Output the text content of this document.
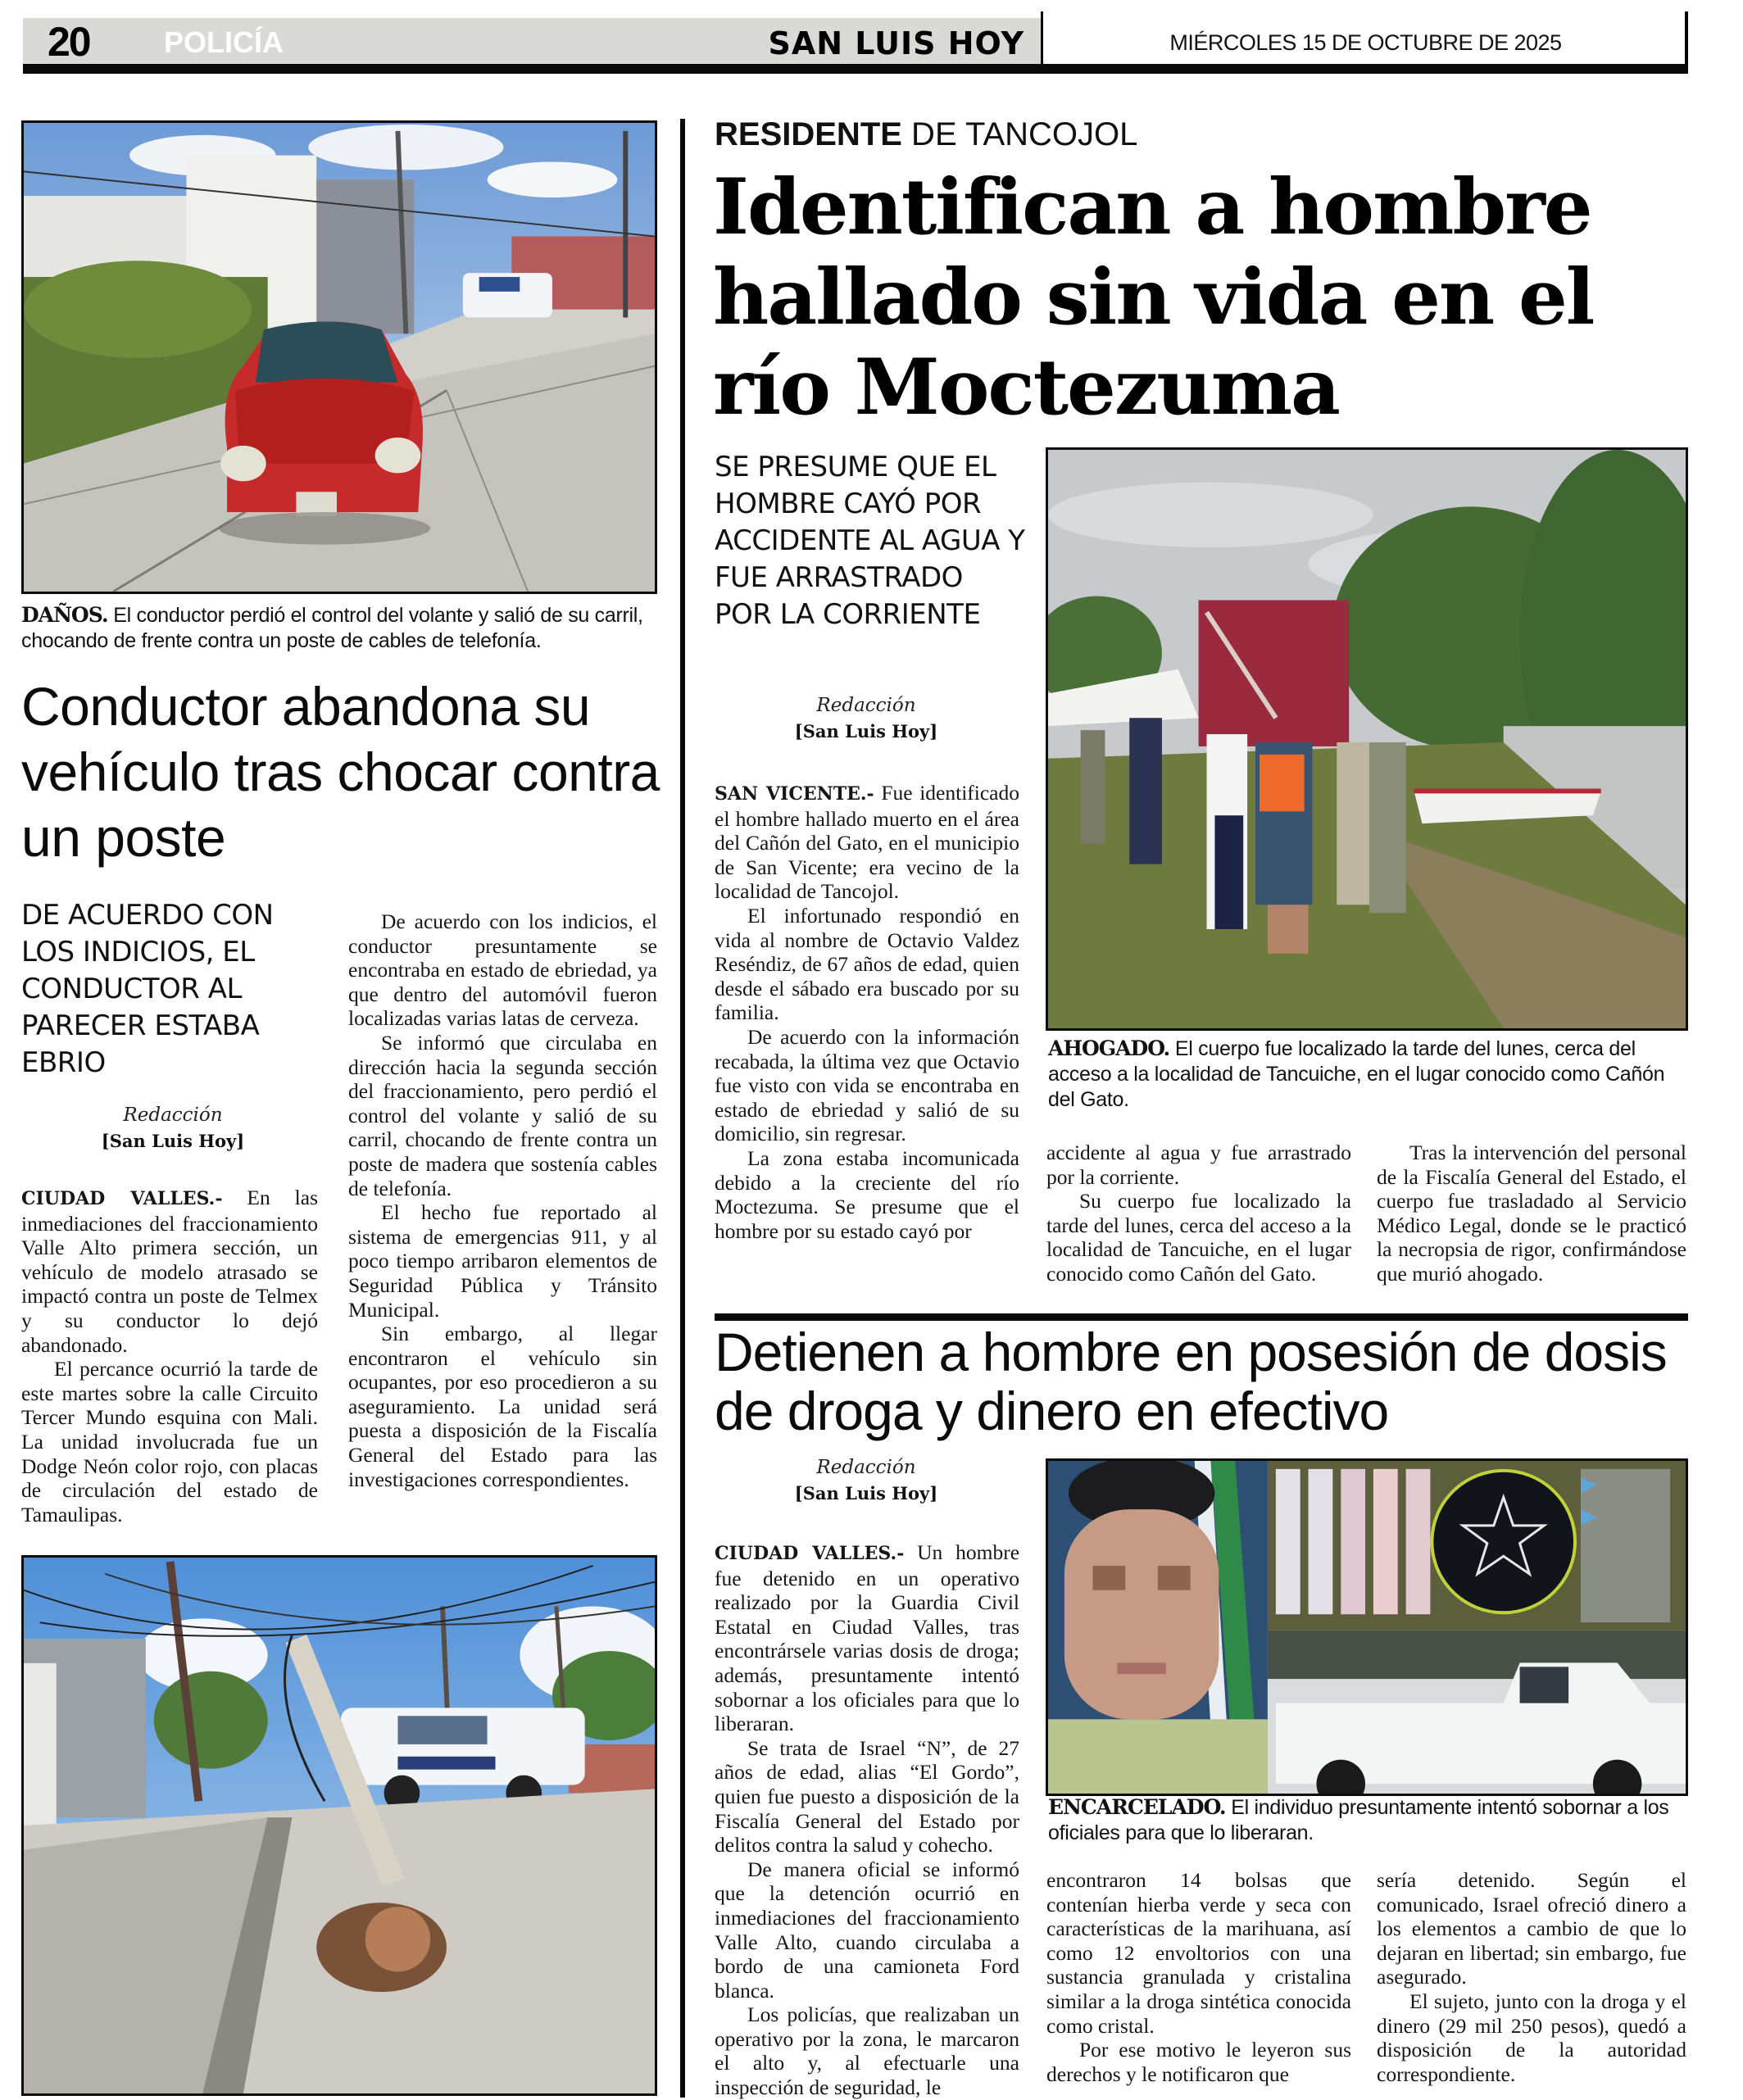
20	POLICÍA	SAN LUIS HOY	MIÉRCOLES 15 DE OCTUBRE DE 2025
DAÑOS. El conductor perdió el control del volante y salió de su carril, chocando de frente contra un poste de cables de telefonía.
Conductor abandona su vehículo tras chocar contra un poste
DE ACUERDO CON LOS INDICIOS, EL CONDUCTOR AL PARECER ESTABA EBRIO
Redacción
[San Luis Hoy]

CIUDAD VALLES.- En las inmediaciones del fraccionamiento Valle Alto primera sección, un vehículo de modelo atrasado se impactó contra un poste de Telmex y su conductor lo dejó abandonado.

El percance ocurrió la tarde de este martes sobre la calle Circuito Tercer Mundo esquina con Mali. La unidad involucrada fue un Dodge Neón color rojo, con placas de circulación del estado de Tamaulipas.

De acuerdo con los indicios, el conductor presuntamente se encontraba en estado de ebriedad, ya que dentro del automóvil fueron localizadas varias latas de cerveza.

Se informó que circulaba en dirección hacia la segunda sección del fraccionamiento, pero perdió el control del volante y salió de su carril, chocando de frente contra un poste de madera que sostenía cables de telefonía.

El hecho fue reportado al sistema de emergencias 911, y al poco tiempo arribaron elementos de Seguridad Pública y Tránsito Municipal.

Sin embargo, al llegar encontraron el vehículo sin ocupantes, por eso procedieron a su aseguramiento. La unidad será puesta a disposición de la Fiscalía General del Estado para las investigaciones correspondientes.

RESIDENTE DE TANCOJOL
Identifican a hombre hallado sin vida en el río Moctezuma
SE PRESUME QUE EL HOMBRE CAYÓ POR ACCIDENTE AL AGUA Y FUE ARRASTRADO POR LA CORRIENTE
Redacción
[San Luis Hoy]

SAN VICENTE.- Fue identificado el hombre hallado muerto en el área del Cañón del Gato, en el municipio de San Vicente; era vecino de la localidad de Tancojol.

El infortunado respondió en vida al nombre de Octavio Valdez Reséndiz, de 67 años de edad, quien desde el sábado era buscado por su familia.

De acuerdo con la información recabada, la última vez que Octavio fue visto con vida se encontraba en estado de ebriedad y salió de su domicilio, sin regresar.

La zona estaba incomunicada debido a la creciente del río Moctezuma. Se presume que el hombre por su estado cayó por

AHOGADO. El cuerpo fue localizado la tarde del lunes, cerca del acceso a la localidad de Tancuiche, en el lugar conocido como Cañón del Gato.

accidente al agua y fue arrastrado por la corriente.

Su cuerpo fue localizado la tarde del lunes, cerca del acceso a la localidad de Tancuiche, en el lugar conocido como Cañón del Gato.

Tras la intervención del personal de la Fiscalía General del Estado, el cuerpo fue trasladado al Servicio Médico Legal, donde se le practicó la necropsia de rigor, confirmándose que murió ahogado.

Detienen a hombre en posesión de dosis de droga y dinero en efectivo
Redacción
[San Luis Hoy]

CIUDAD VALLES.- Un hombre fue detenido en un operativo realizado por la Guardia Civil Estatal en Ciudad Valles, tras encontrársele varias dosis de droga; además, presuntamente intentó sobornar a los oficiales para que lo liberaran.

Se trata de Israel “N”, de 27 años de edad, alias “El Gordo”, quien fue puesto a disposición de la Fiscalía General del Estado por delitos contra la salud y cohecho.

De manera oficial se informó que la detención ocurrió en inmediaciones del fraccionamiento Valle Alto, cuando circulaba a bordo de una camioneta Ford blanca.

Los policías, que realizaban un operativo por la zona, le marcaron el alto y, al efectuarle una inspección de seguridad, le

ENCARCELADO. El individuo presuntamente intentó sobornar a los oficiales para que lo liberaran.

encontraron 14 bolsas que contenían hierba verde y seca con características de la marihuana, así como 12 envoltorios con una sustancia granulada y cristalina similar a la droga sintética conocida como cristal.

Por ese motivo le leyeron sus derechos y le notificaron que

sería detenido. Según el comunicado, Israel ofreció dinero a los elementos a cambio de que lo dejaran en libertad; sin embargo, fue asegurado.

El sujeto, junto con la droga y el dinero (29 mil 250 pesos), quedó a disposición de la autoridad correspondiente.
